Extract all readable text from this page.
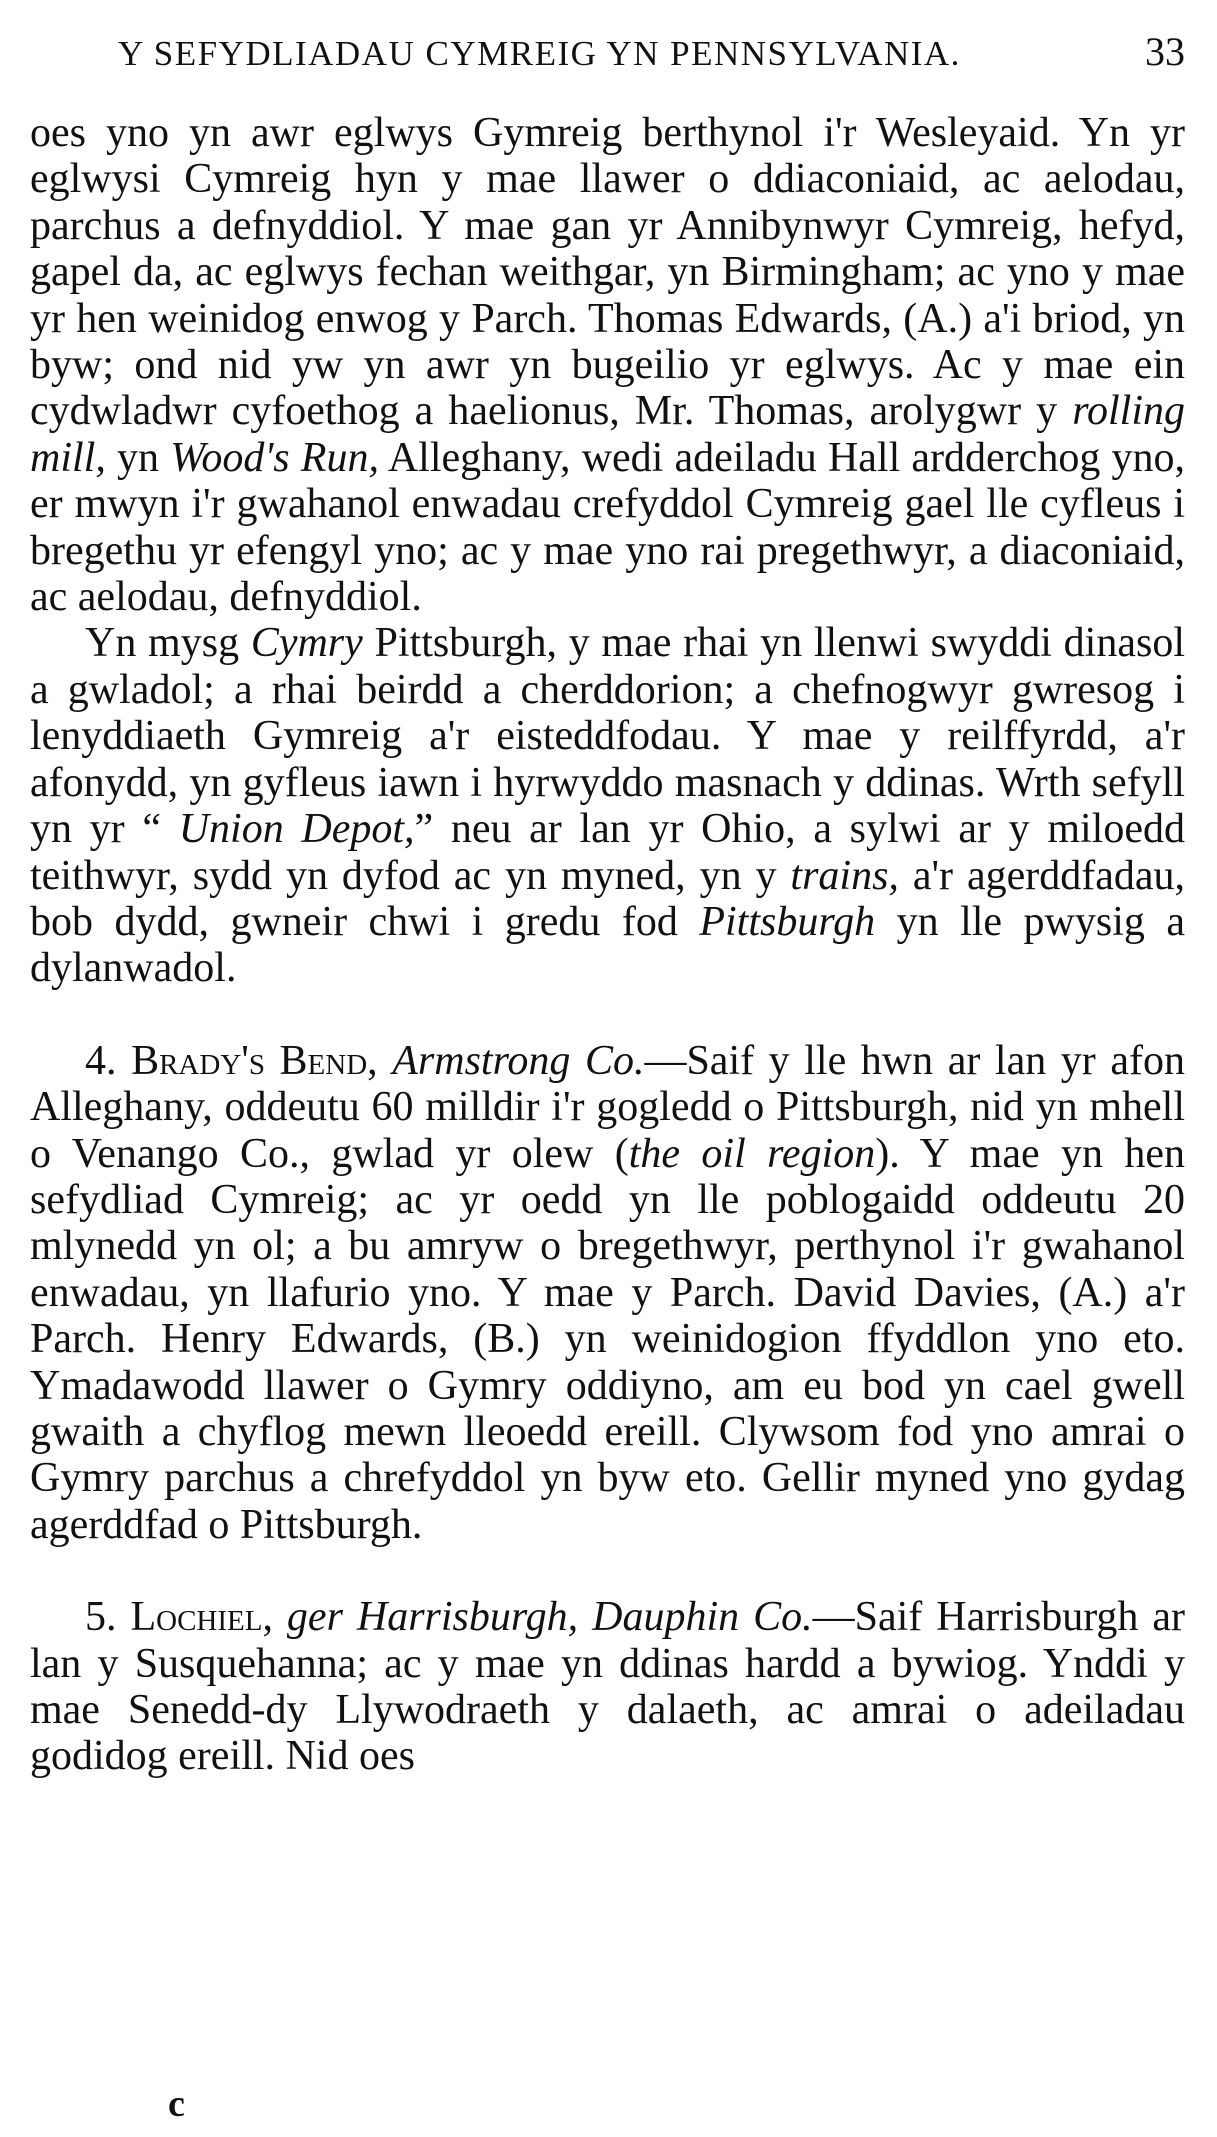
Y SEFYDLIADAU CYMREIG YN PENNSYLVANIA.	33

oes yno yn awr eglwys Gymreig berthynol i'r Wesleyaid. Yn yr eglwysi Cymreig hyn y mae llawer o ddiaconiaid, ac aelodau, parchus a defnyddiol. Y mae gan yr Annibynwyr Cymreig, hefyd, gapel da, ac eglwys fechan weithgar, yn Birmingham; ac yno y mae yr hen weinidog enwog y Parch. Thomas Edwards, (A.) a'i briod, yn byw; ond nid yw yn awr yn bugeilio yr eglwys. Ac y mae ein cydwladwr cyfoethog a haelionus, Mr. Thomas, arolygwr y rolling mill, yn Wood's Run, Alleghany, wedi adeiladu Hall ardderchog yno, er mwyn i'r gwahanol enwadau crefyddol Cymreig gael lle cyfleus i bregethu yr efengyl yno; ac y mae yno rai pregethwyr, a diaconiaid, ac aelodau, defnyddiol.

Yn mysg Cymry Pittsburgh, y mae rhai yn llenwi swyddi dinasol a gwladol; a rhai beirdd a cherddorion; a chefnogwyr gwresog i lenyddiaeth Gymreig a'r eisteddfodau. Y mae y reilffyrdd, a'r afonydd, yn gyfleus iawn i hyrwyddo masnach y ddinas. Wrth sefyll yn yr “ Union Depot,” neu ar lan yr Ohio, a sylwi ar y miloedd teithwyr, sydd yn dyfod ac yn myned, yn y trains, a'r agerddfadau, bob dydd, gwneir chwi i gredu fod Pittsburgh yn lle pwysig a dylanwadol.

4. Brady's Bend, Armstrong Co.—Saif y lle hwn ar lan yr afon Alleghany, oddeutu 60 milldir i'r gogledd o Pittsburgh, nid yn mhell o Venango Co., gwlad yr olew (the oil region). Y mae yn hen sefydliad Cymreig; ac yr oedd yn lle poblogaidd oddeutu 20 mlynedd yn ol; a bu amryw o bregethwyr, perthynol i'r gwahanol enwadau, yn llafurio yno. Y mae y Parch. David Davies, (A.) a'r Parch. Henry Edwards, (B.) yn weinidogion ffyddlon yno eto. Ymadawodd llawer o Gymry oddiyno, am eu bod yn cael gwell gwaith a chyflog mewn lleoedd ereill. Clywsom fod yno amrai o Gymry parchus a chrefyddol yn byw eto. Gellir myned yno gydag agerddfad o Pittsburgh.

5. Lochiel, ger Harrisburgh, Dauphin Co.—Saif Harrisburgh ar lan y Susquehanna; ac y mae yn ddinas hardd a bywiog. Ynddi y mae Senedd-dy Llywodraeth y dalaeth, ac amrai o adeiladau godidog ereill. Nid oes

c
